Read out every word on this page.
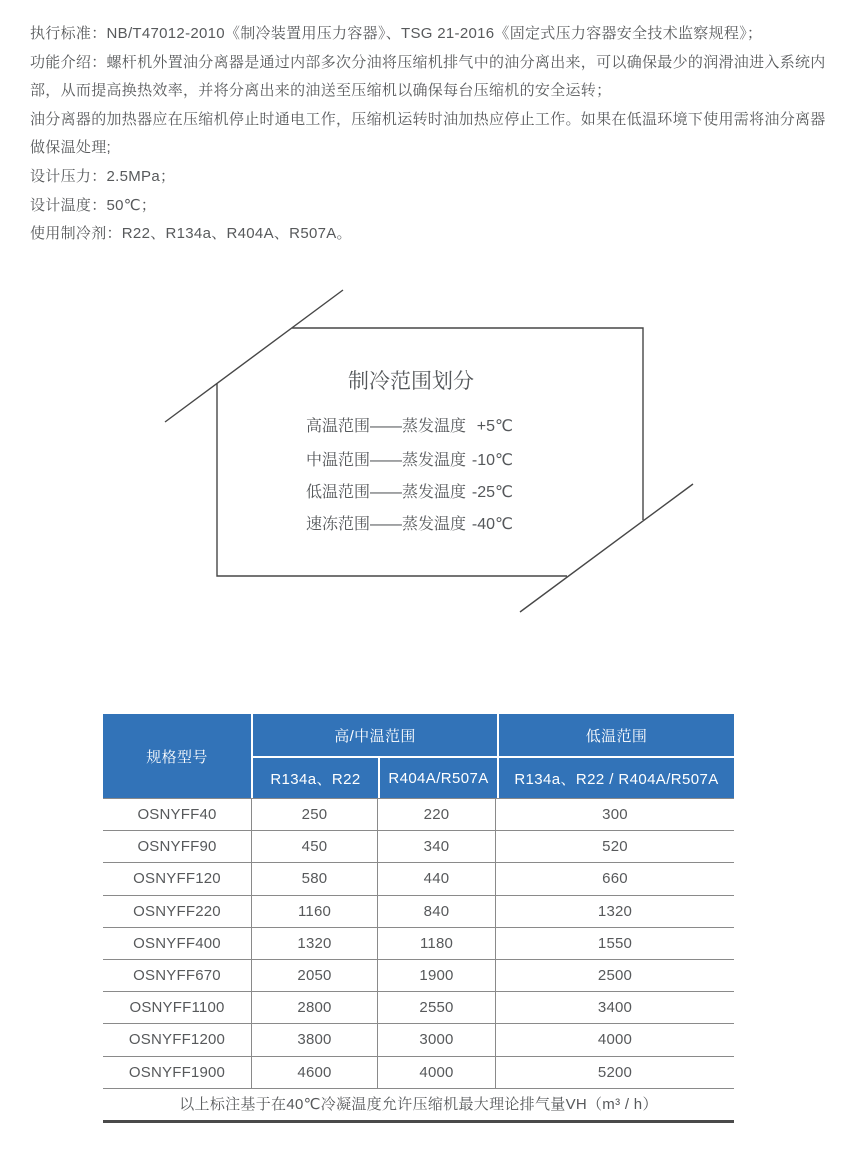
执行标准：NB/T47012-2010《制冷装置用压力容器》、TSG 21-2016《固定式压力容器安全技术监察规程》；
功能介绍：螺杆机外置油分离器是通过内部多次分油将压缩机排气中的油分离出来，可以确保最少的润滑油进入系统内
部，从而提高换热效率，并将分离出来的油送至压缩机以确保每台压缩机的安全运转；
油分离器的加热器应在压缩机停止时通电工作，压缩机运转时油加热应停止工作。如果在低温环境下使用需将油分离器
做保温处理;
设计压力：2.5MPa；
设计温度：50℃；
使用制冷剂：R22、R134a、R404A、R507A。
制冷范围划分
高温范围——蒸发温度 +5℃
中温范围——蒸发温度 -10℃
低温范围——蒸发温度 -25℃
速冻范围——蒸发温度 -40℃
规格型号
高/中温范围	低温范围
R134a、R22	R404A/R507A	R134a、R22 / R404A/R507A
OSNYFF40	250	220	300
OSNYFF90	450	340	520
OSNYFF120	580	440	660
OSNYFF220	1160	840	1320
OSNYFF400	1320	1180	1550
OSNYFF670	2050	1900	2500
OSNYFF1100	2800	2550	3400
OSNYFF1200	3800	3000	4000
OSNYFF1900	4600	4000	5200
以上标注基于在40℃冷凝温度允许压缩机最大理论排气量VH（m³ / h）
